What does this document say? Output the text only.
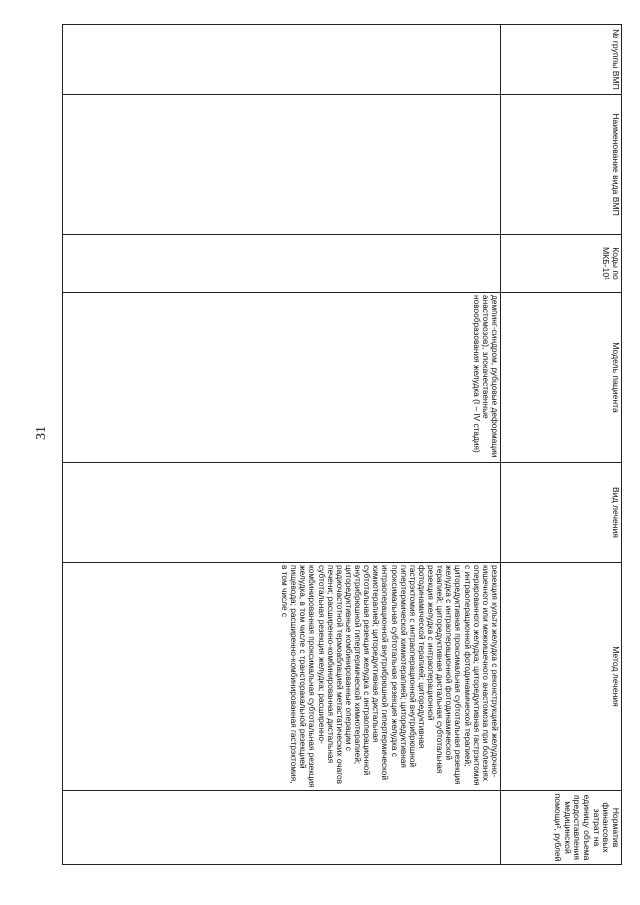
31
№ группы ВМП	Наименование вида ВМП	Коды по МКБ-10¹	Модель пациента	Вид лечения	Метод лечения	Норматив финансовых затрат на единицу объема предоставления медицинской помощи², рублей
			демпинг-синдром, рубцовые деформации анастомозов), злокачественные новообразования желудка (I – IV стадия)		резекция культи желудка с реконструкцией желудочно-кишечного или межкишечного анастомоза при болезнях оперированного желудка; циторедуктивная гастрэктомия с интраоперационной фотодинамической терапией; циторедуктивная проксимальная субтотальная резекция желудка с интраоперационной фотодинамической терапией; циторедуктивная дистальная субтотальная резекция желудка с интраоперационной фотодинамической терапией; циторедуктивная гастрэктомия с интраоперационной внутрибрюшной гипертермической химиотерапией; циторедуктивная проксимальная субтотальная резекция желудка с интраоперационной внутрибрюшной гипертермической химиотерапией; циторедуктивная дистальная субтотальная резекция желудка с интраоперационной внутрибрюшной гипертермической химиотерапией; циторедуктивные комбинированные операции с радиочастотной термоаблацией метастатических очагов печени; расширенно-комбинированная дистальная субтотальная резекция желудка; расширенно-комбинированная проксимальная субтотальная резекция желудка, в том числе с трансторакальной резекцией пищевода; расширенно-комбинированная гастрэктомия, в том числе с	
